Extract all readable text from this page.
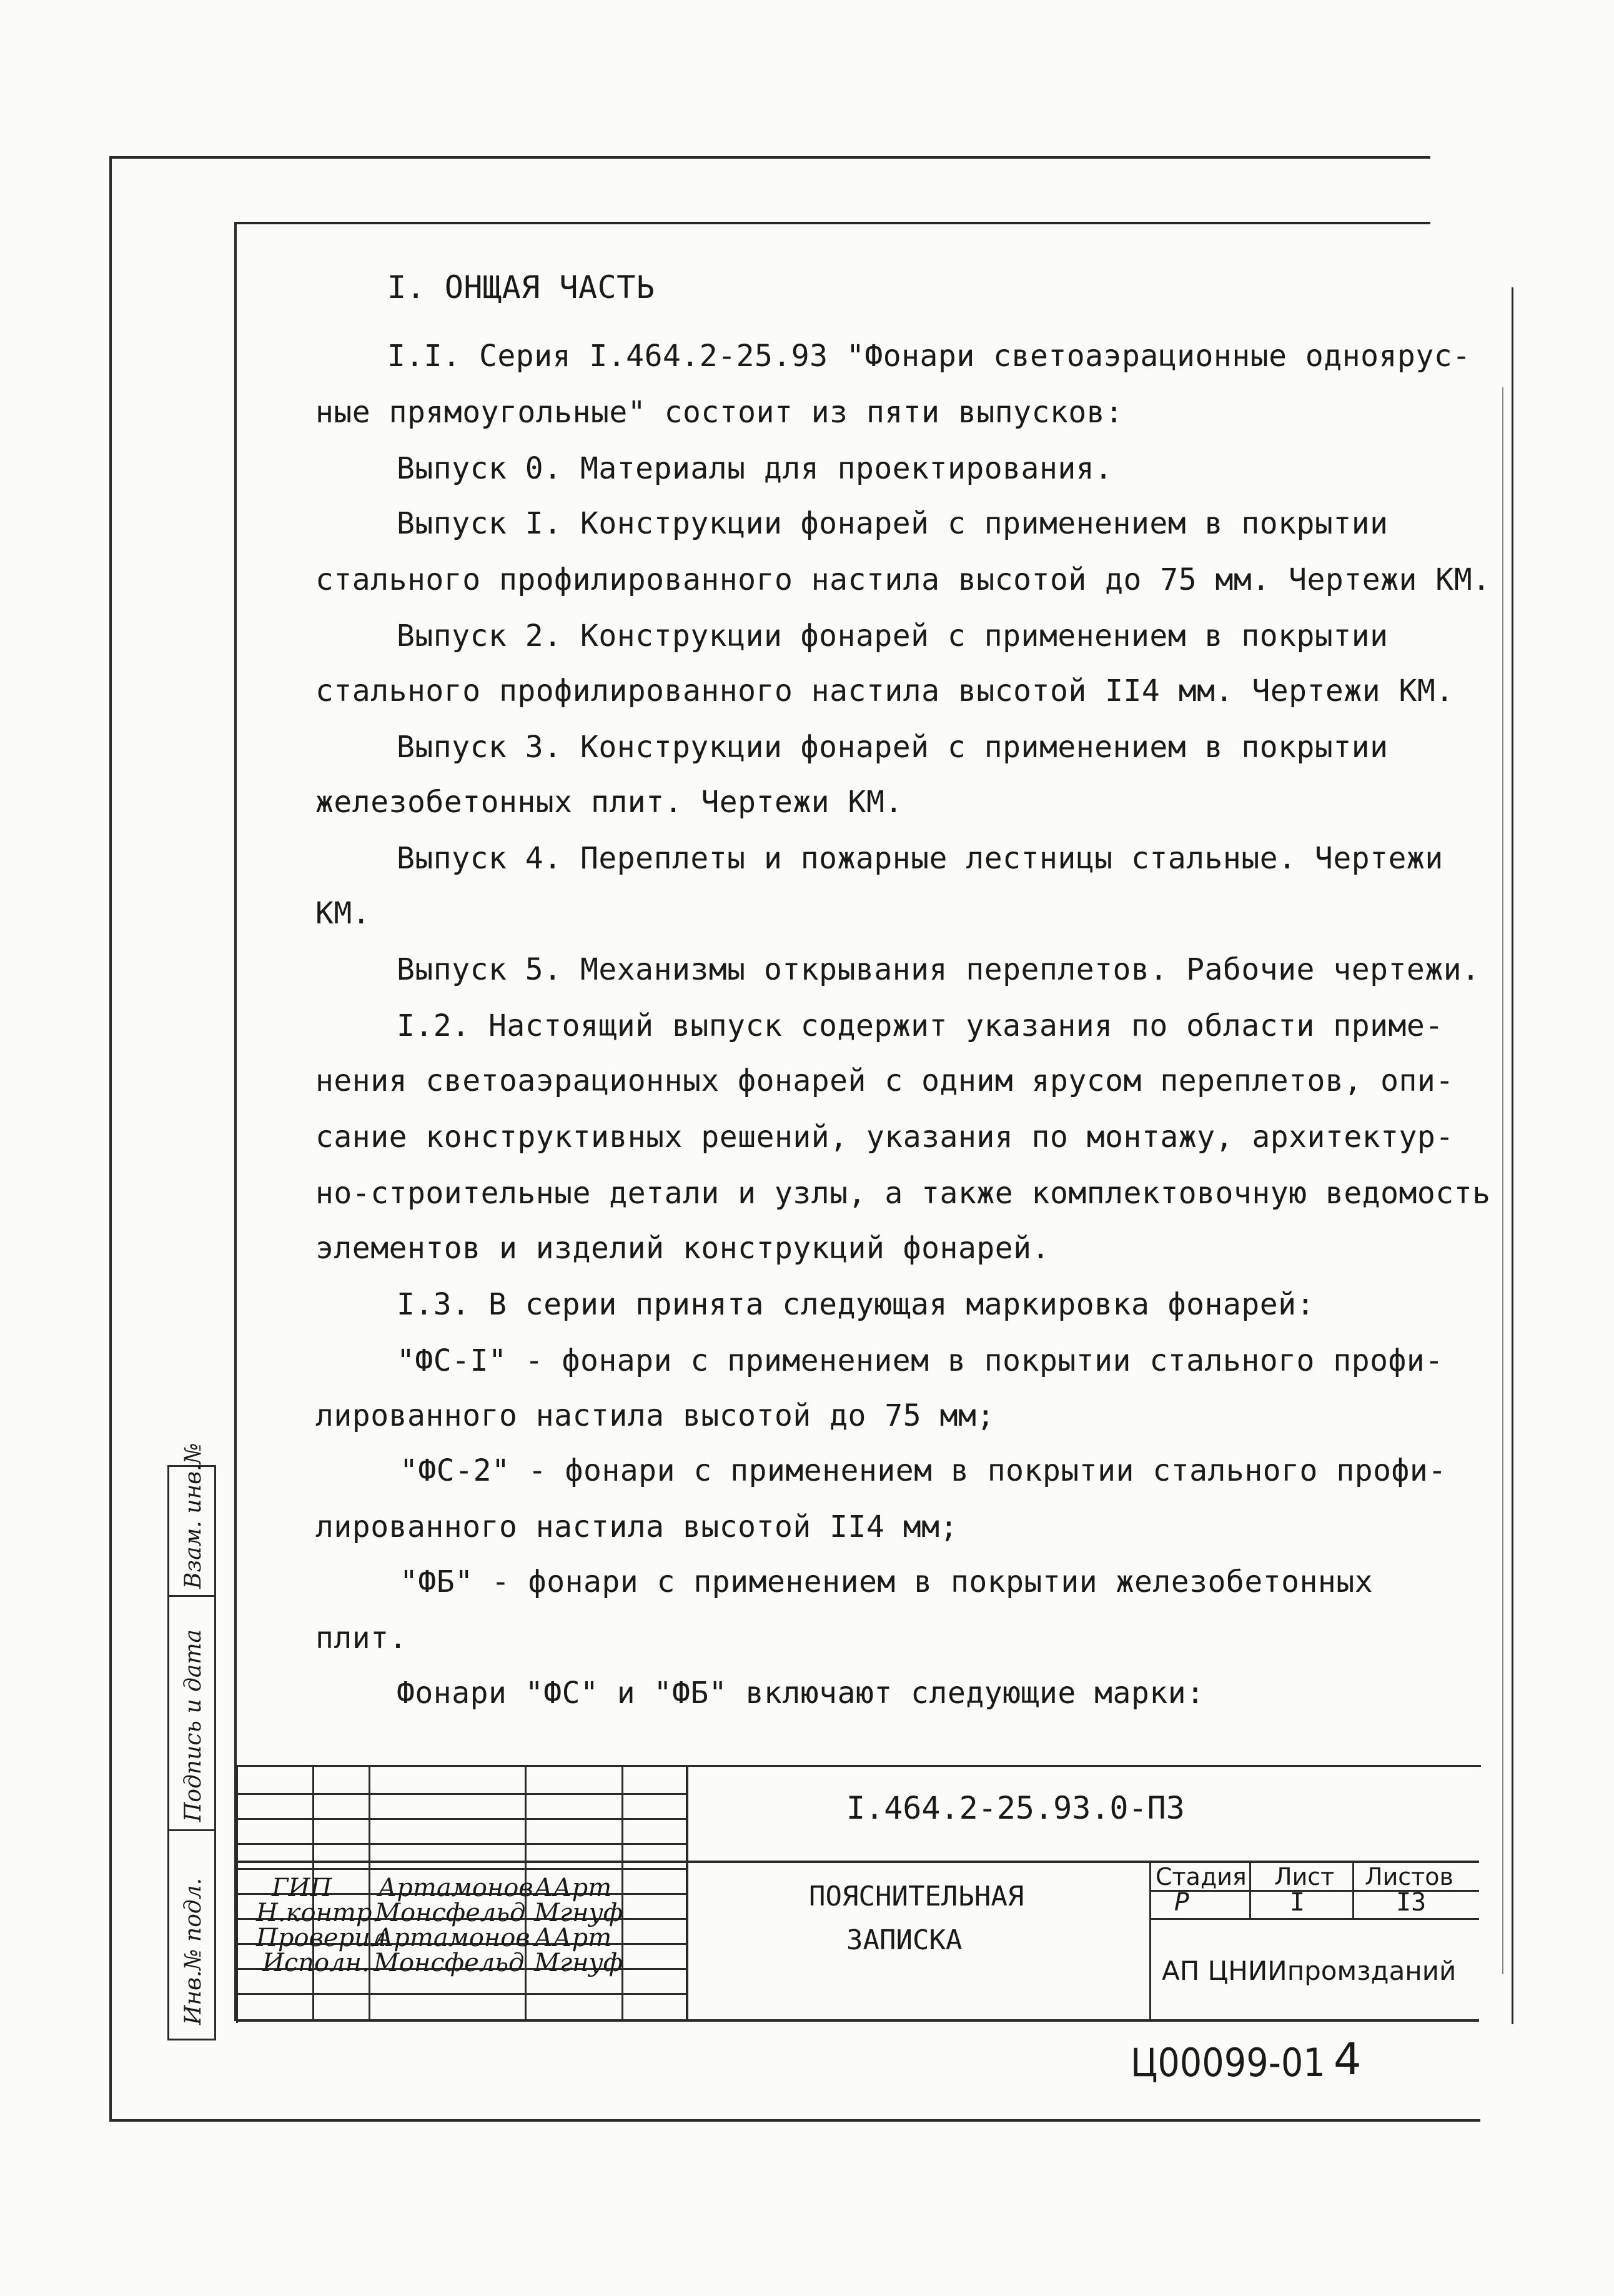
I. ОНЩАЯ ЧАСТЬ
I.I. Серия I.464.2-25.93 "Фонари светоаэрационные одноярус-
ные прямоугольные" состоит из пяти выпусков:
Выпуск 0. Материалы для проектирования.
Выпуск I. Конструкции фонарей с применением в покрытии
стального профилированного настила высотой до 75 мм. Чертежи КМ.
Выпуск 2. Конструкции фонарей с применением в покрытии
стального профилированного настила высотой II4 мм. Чертежи КМ.
Выпуск 3. Конструкции фонарей с применением в покрытии
железобетонных плит. Чертежи КМ.
Выпуск 4. Переплеты и пожарные лестницы стальные. Чертежи
КМ.
Выпуск 5. Механизмы открывания переплетов. Рабочие чертежи.
I.2. Настоящий выпуск содержит указания по области приме-
нения светоаэрационных фонарей с одним ярусом переплетов, опи-
сание конструктивных решений, указания по монтажу, архитектур-
но-строительные детали и узлы, а также комплектовочную ведомость
элементов и изделий конструкций фонарей.
I.3. В серии принята следующая маркировка фонарей:
"ФС-I" - фонари с применением в покрытии стального профи-
лированного настила высотой до 75 мм;
"ФС-2" - фонари с применением в покрытии стального профи-
лированного настила высотой II4 мм;
"ФБ" - фонари с применением в покрытии железобетонных
плит.
Фонари "ФС" и "ФБ" включают следующие марки:
Взам. инв.№
Подпись и дата
Инв.№ подл.
I.464.2-25.93.0-ПЗ
ПОЯСНИТЕЛЬНАЯ
ЗАПИСКА
Стадия Лист Листов
Р	I	I3
АП ЦНИИпромзданий
ГИП Артамонов ААрт
Н.контр.
Монсфельд Мгнуф
Проверил
Артамонов ААрт
Исполн. Монсфельд Мгнуф
Ц00099-01 4
